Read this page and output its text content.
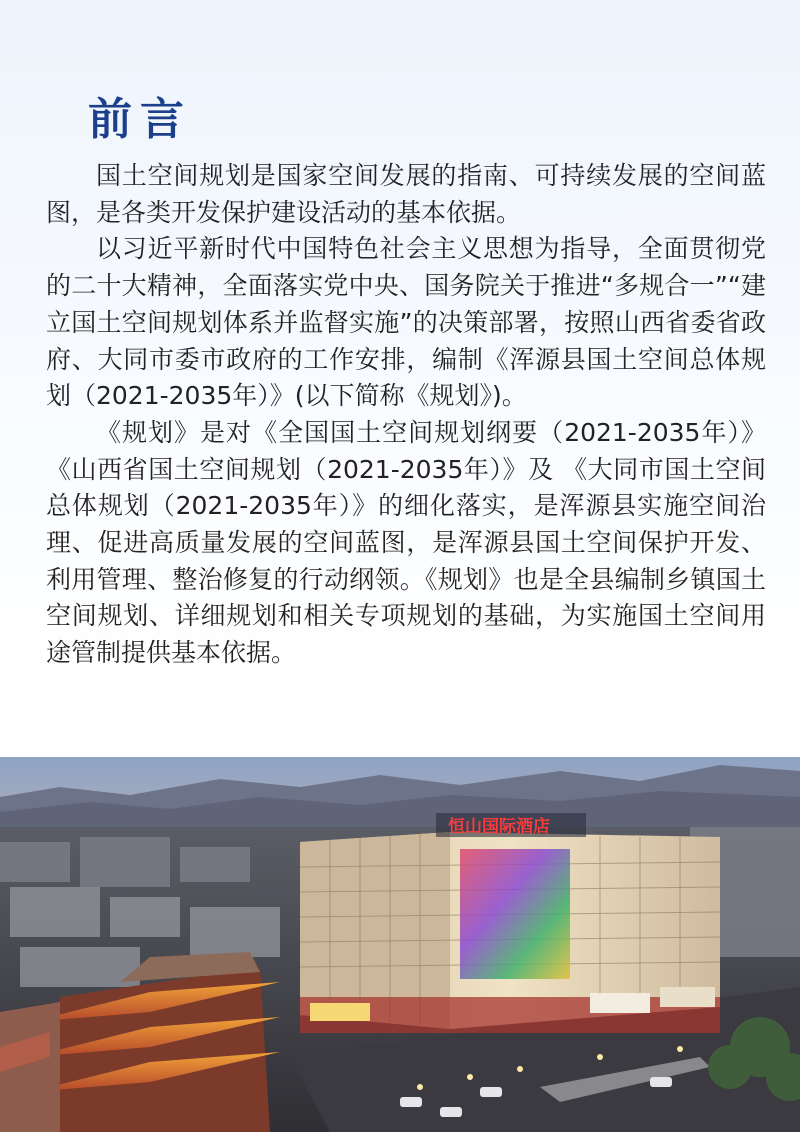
前言

国土空间规划是国家空间发展的指南、可持续发展的空间蓝图，是各类开发保护建设活动的基本依据。

以习近平新时代中国特色社会主义思想为指导，全面贯彻党的二十大精神，全面落实党中央、国务院关于推进“多规合一”“建立国土空间规划体系并监督实施”的决策部署，按照山西省委省政府、大同市委市政府的工作安排，编制《浑源县国土空间总体规划（2021-2035年）》(以下简称《规划》)。

《规划》是对《全国国土空间规划纲要（2021-2035年）》《山西省国土空间规划（2021-2035年）》及 《大同市国土空间总体规划（2021-2035年）》的细化落实，是浑源县实施空间治理、促进高质量发展的空间蓝图，是浑源县国土空间保护开发、利用管理、整治修复的行动纲领。《规划》也是全县编制乡镇国土空间规划、详细规划和相关专项规划的基础，为实施国土空间用途管制提供基本依据。

恒山国际酒店
